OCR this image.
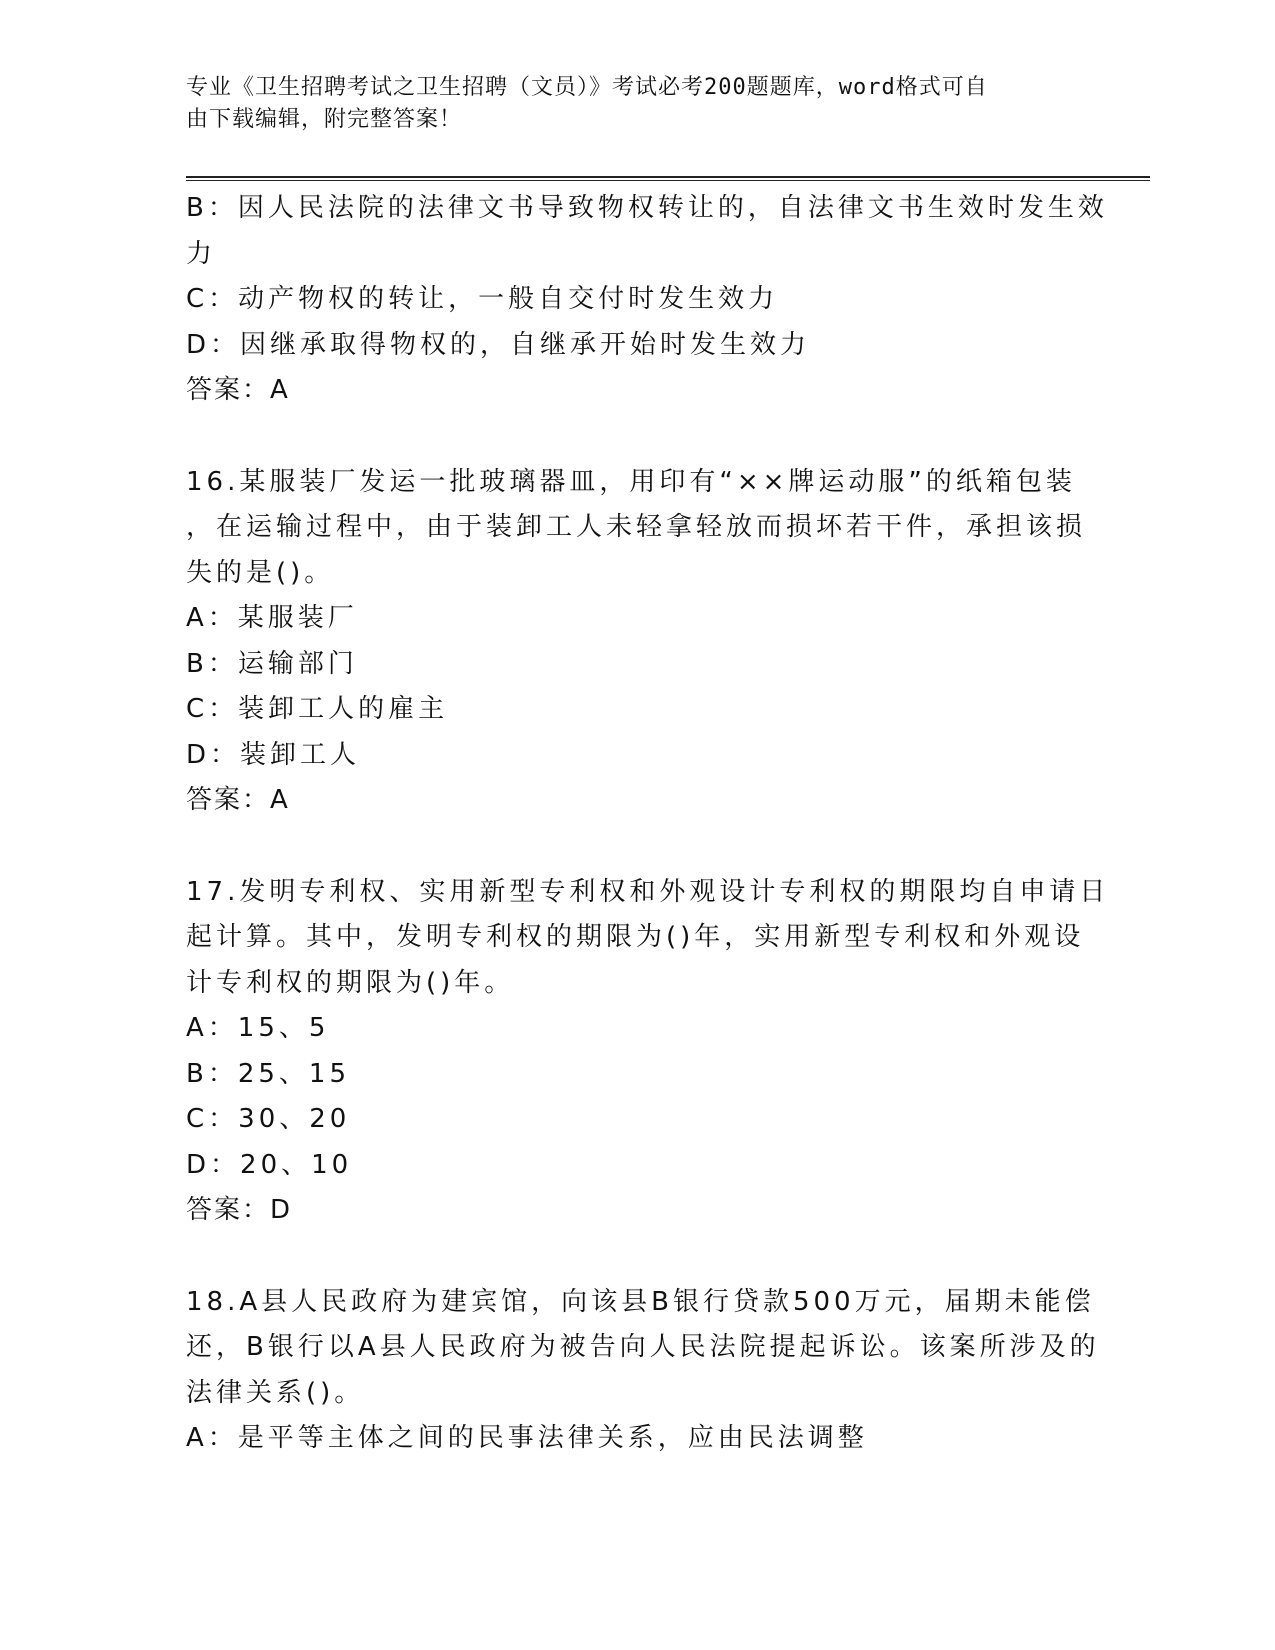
专业《卫生招聘考试之卫生招聘（文员）》考试必考200题题库，word格式可自
由下载编辑，附完整答案！
B：因人民法院的法律文书导致物权转让的，自法律文书生效时发生效
力
C：动产物权的转让，一般自交付时发生效力
D：因继承取得物权的，自继承开始时发生效力
答案：A
16.某服装厂发运一批玻璃器皿，用印有“××牌运动服”的纸箱包装
，在运输过程中，由于装卸工人未轻拿轻放而损坏若干件，承担该损
失的是()。
A：某服装厂
B：运输部门
C：装卸工人的雇主
D：装卸工人
答案：A
17.发明专利权、实用新型专利权和外观设计专利权的期限均自申请日
起计算。其中，发明专利权的期限为()年，实用新型专利权和外观设
计专利权的期限为()年。
A：15、5
B：25、15
C：30、20
D：20、10
答案：D
18.A县人民政府为建宾馆，向该县B银行贷款500万元，届期未能偿
还，B银行以A县人民政府为被告向人民法院提起诉讼。该案所涉及的
法律关系()。
A：是平等主体之间的民事法律关系，应由民法调整
